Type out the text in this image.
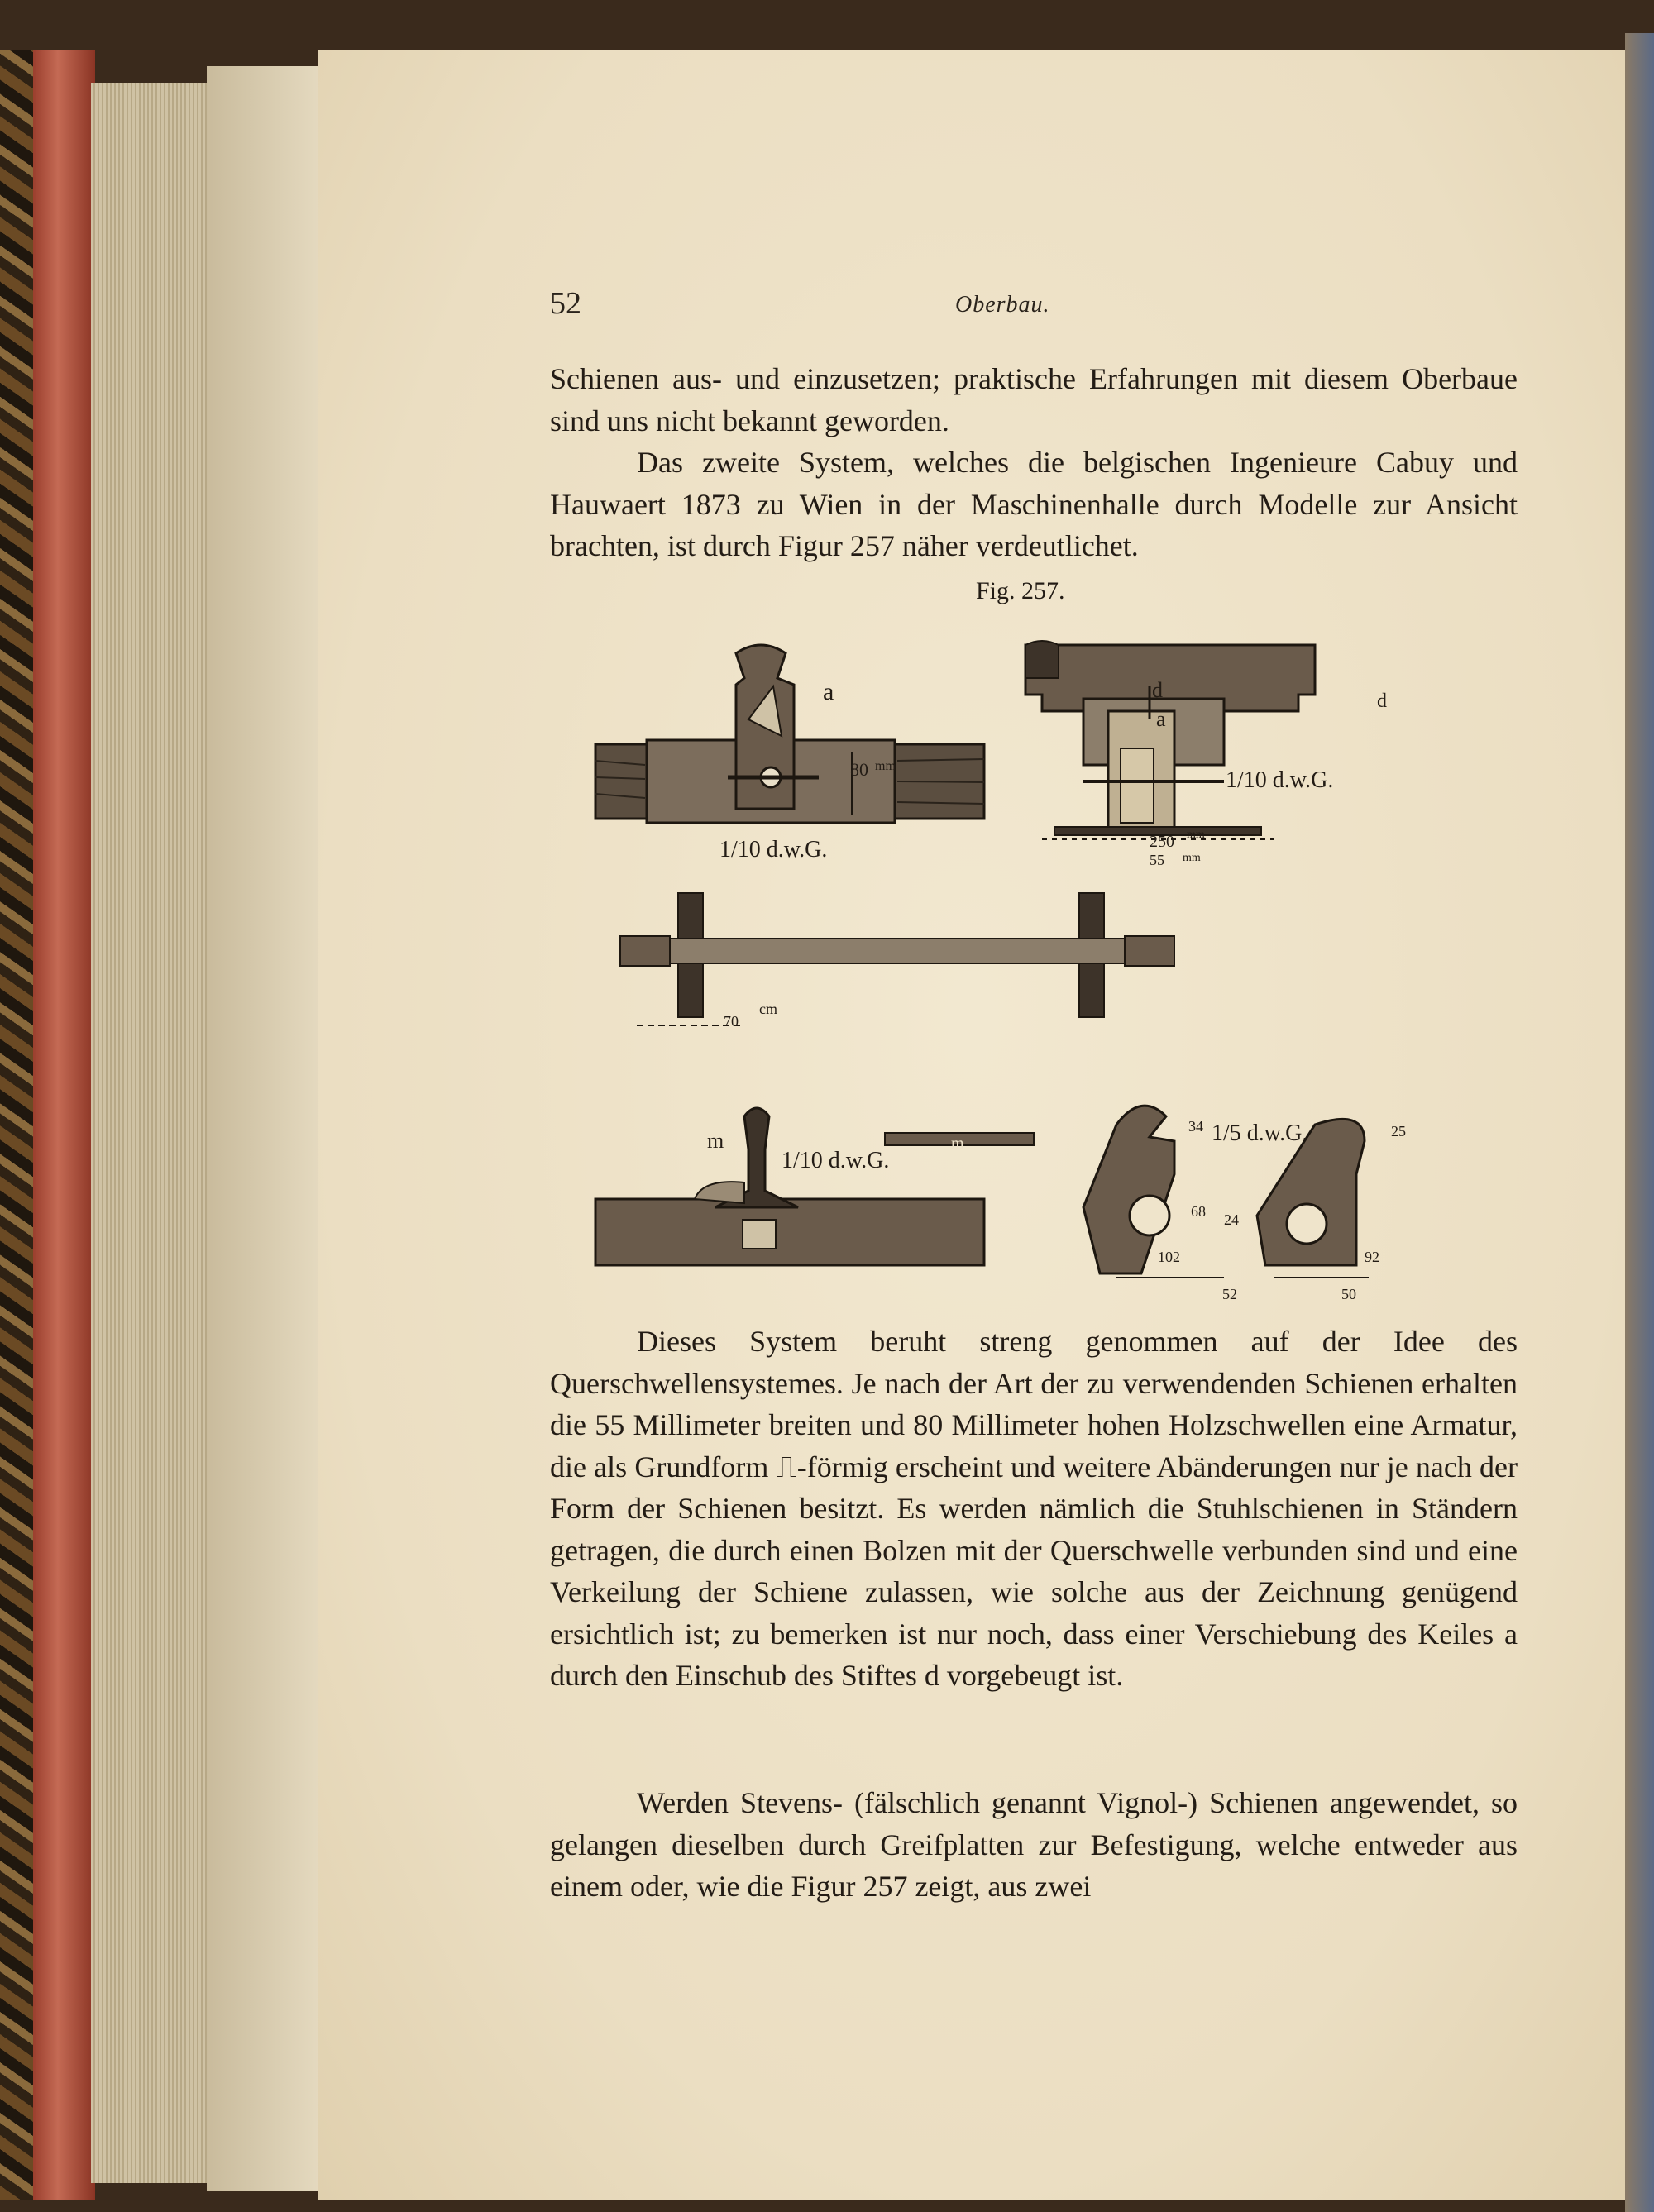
52	Oberbau.

Schienen aus- und einzusetzen; praktische Erfahrungen mit diesem Oberbaue sind uns nicht bekannt geworden.

Das zweite System, welches die belgischen Ingenieure Cabuy und Hauwaert 1873 zu Wien in der Maschinenhalle durch Modelle zur Ansicht brachten, ist durch Figur 257 näher verdeutlichet.

Fig. 257.
a
1/10 d.w.G.
80 mm
d
a
d
1/10 d.w.G.
250 mm
55 mm
70
cm
m
1/10 d.w.G.
m	1/5 d.w.G.
34	25
68 24
102	92
52	50

Dieses System beruht streng genommen auf der Idee des Querschwellensystemes. Je nach der Art der zu verwendenden Schienen erhalten die 55 Millimeter breiten und 80 Millimeter hohen Holzschwellen eine Armatur, die als Grundform ⎍-förmig erscheint und weitere Abänderungen nur je nach der Form der Schienen besitzt. Es werden nämlich die Stuhlschienen in Ständern getragen, die durch einen Bolzen mit der Querschwelle verbunden sind und eine Verkeilung der Schiene zulassen, wie solche aus der Zeichnung genügend ersichtlich ist; zu bemerken ist nur noch, dass einer Verschiebung des Keiles a durch den Einschub des Stiftes d vorgebeugt ist.

Werden Stevens- (fälschlich genannt Vignol-) Schienen angewendet, so gelangen dieselben durch Greifplatten zur Befestigung, welche entweder aus einem oder, wie die Figur 257 zeigt, aus zwei
